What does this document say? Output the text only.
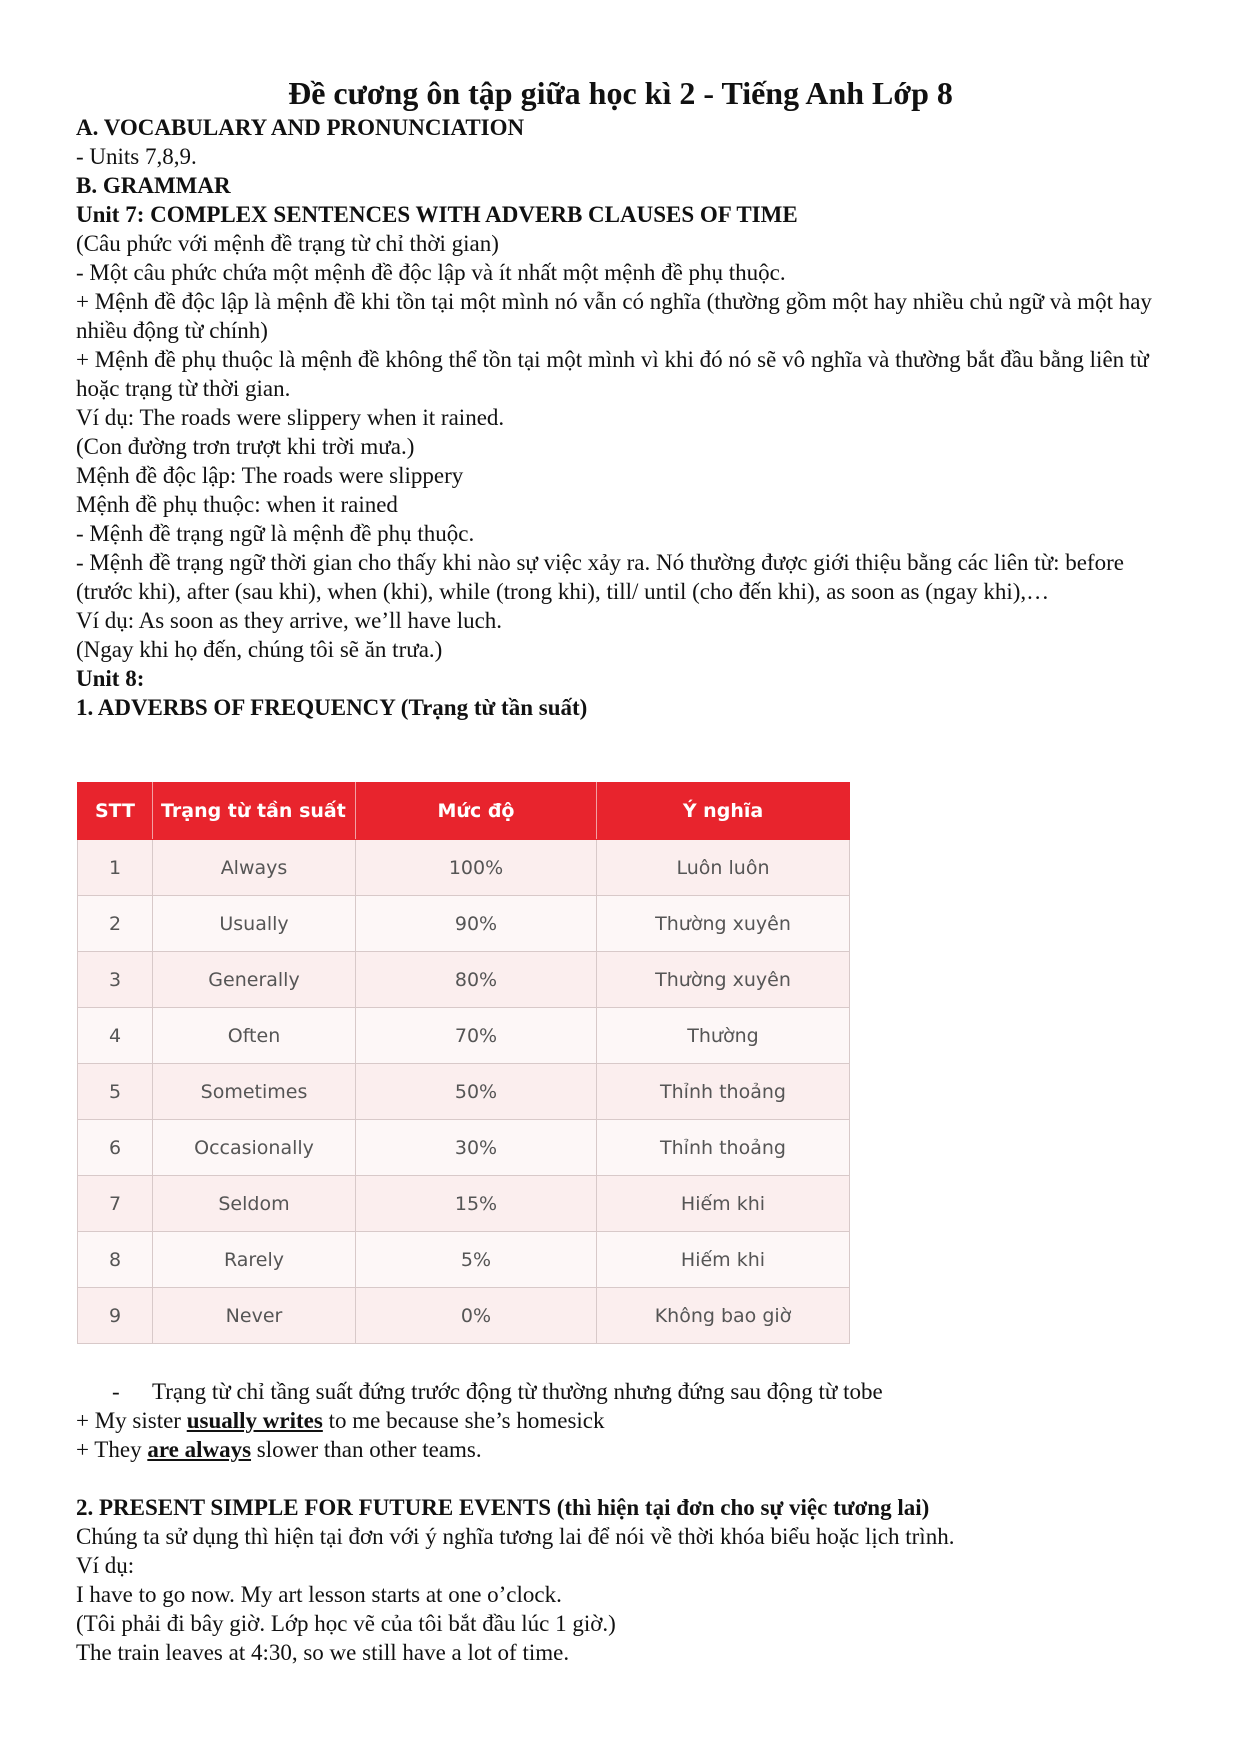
Đề cương ôn tập giữa học kì 2 - Tiếng Anh Lớp 8
A. VOCABULARY AND PRONUNCIATION
- Units 7,8,9.
B. GRAMMAR
Unit 7: COMPLEX SENTENCES WITH ADVERB CLAUSES OF TIME
(Câu phức với mệnh đề trạng từ chỉ thời gian)
- Một câu phức chứa một mệnh đề độc lập và ít nhất một mệnh đề phụ thuộc.
+ Mệnh đề độc lập là mệnh đề khi tồn tại một mình nó vẫn có nghĩa (thường gồm một hay nhiều chủ ngữ và một hay nhiều động từ chính)
+ Mệnh đề phụ thuộc là mệnh đề không thể tồn tại một mình vì khi đó nó sẽ vô nghĩa và thường bắt đầu bằng liên từ hoặc trạng từ thời gian.
Ví dụ: The roads were slippery when it rained.
(Con đường trơn trượt khi trời mưa.)
Mệnh đề độc lập: The roads were slippery
Mệnh đề phụ thuộc: when it rained
- Mệnh đề trạng ngữ là mệnh đề phụ thuộc.
- Mệnh đề trạng ngữ thời gian cho thấy khi nào sự việc xảy ra. Nó thường được giới thiệu bằng các liên từ: before (trước khi), after (sau khi), when (khi), while (trong khi), till/ until (cho đến khi), as soon as (ngay khi),…
Ví dụ: As soon as they arrive, we’ll have luch.
(Ngay khi họ đến, chúng tôi sẽ ăn trưa.)
Unit 8:
1. ADVERBS OF FREQUENCY (Trạng từ tần suất)
STT	Trạng từ tần suất	Mức độ	Ý nghĩa
1	Always	100%	Luôn luôn
2	Usually	90%	Thường xuyên
3	Generally	80%	Thường xuyên
4	Often	70%	Thường
5	Sometimes	50%	Thỉnh thoảng
6	Occasionally	30%	Thỉnh thoảng
7	Seldom	15%	Hiếm khi
8	Rarely	5%	Hiếm khi
9	Never	0%	Không bao giờ
- Trạng từ chỉ tầng suất đứng trước động từ thường nhưng đứng sau động từ tobe
+ My sister usually writes to me because she’s homesick
+ They are always slower than other teams.
2. PRESENT SIMPLE FOR FUTURE EVENTS (thì hiện tại đơn cho sự việc tương lai)
Chúng ta sử dụng thì hiện tại đơn với ý nghĩa tương lai để nói về thời khóa biểu hoặc lịch trình.
Ví dụ:
I have to go now. My art lesson starts at one o’clock.
(Tôi phải đi bây giờ. Lớp học vẽ của tôi bắt đầu lúc 1 giờ.)
The train leaves at 4:30, so we still have a lot of time.
